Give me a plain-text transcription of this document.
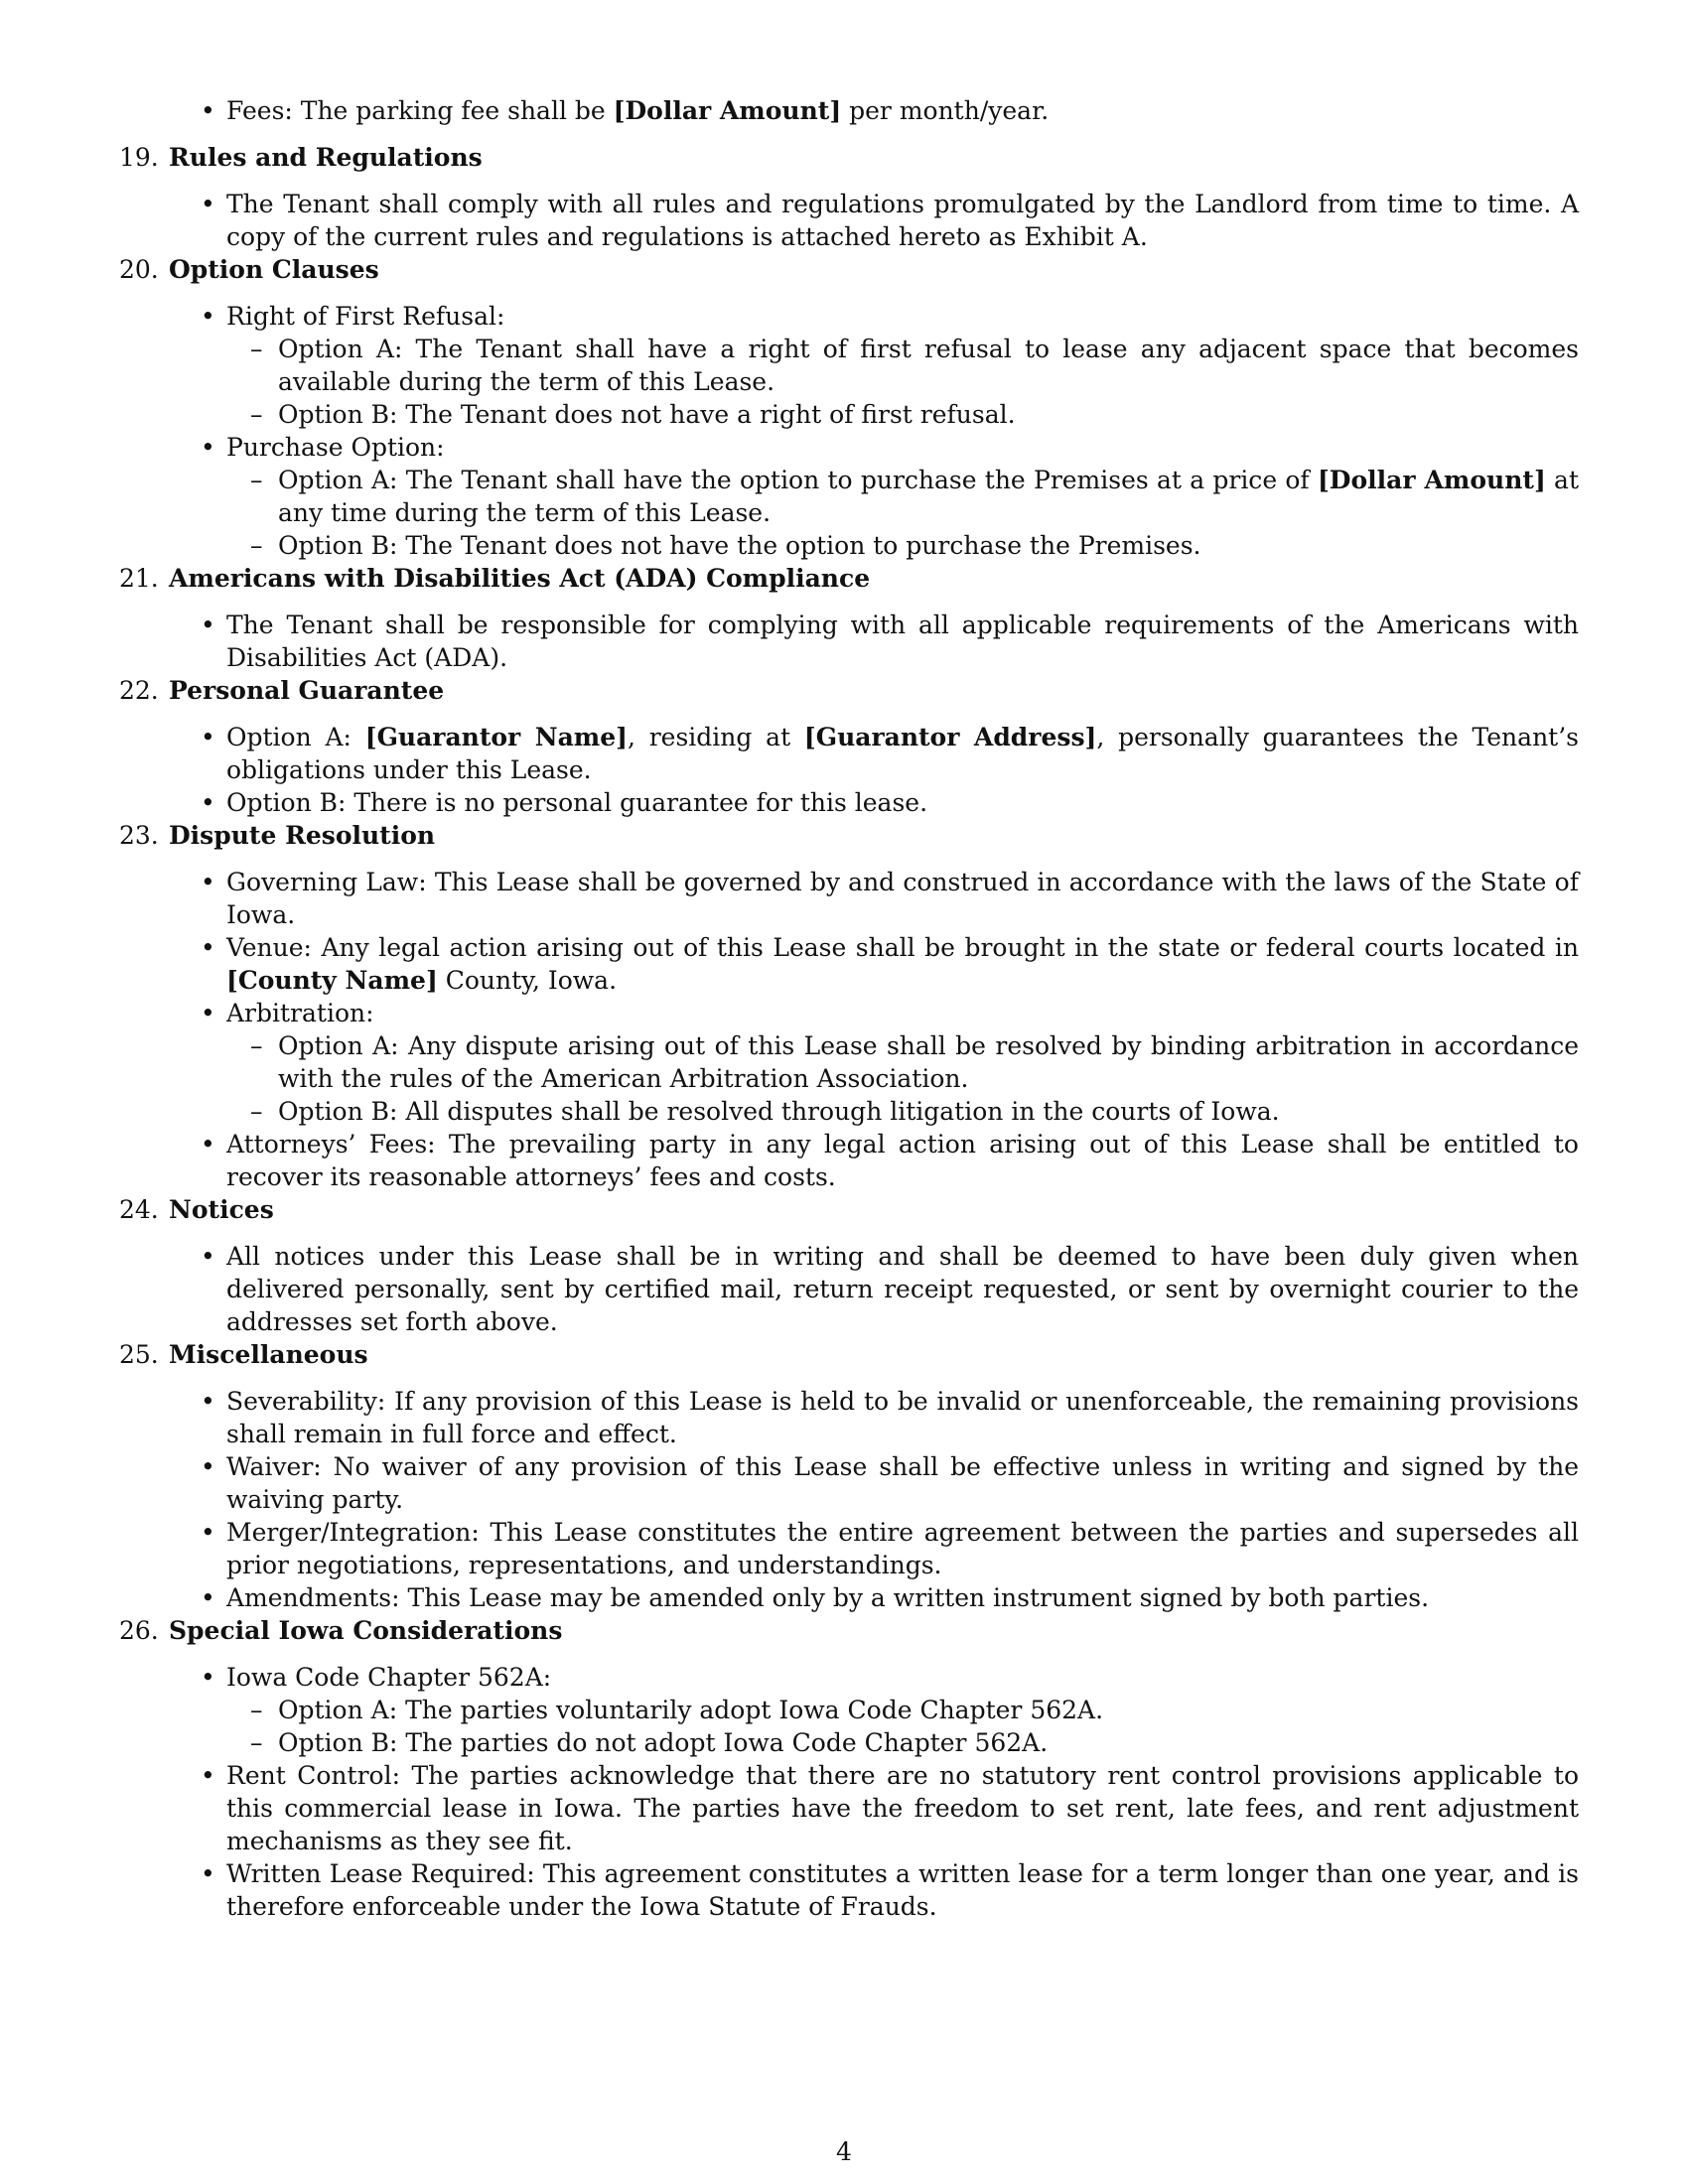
• Fees: The parking fee shall be [Dollar Amount] per month/year.
19. Rules and Regulations
• The Tenant shall comply with all rules and regulations promulgated by the Landlord from time to time. A copy of the current rules and regulations is attached hereto as Exhibit A.
20. Option Clauses
• Right of First Refusal:
– Option A: The Tenant shall have a right of first refusal to lease any adjacent space that becomes available during the term of this Lease.
– Option B: The Tenant does not have a right of first refusal.
• Purchase Option:
– Option A: The Tenant shall have the option to purchase the Premises at a price of [Dollar Amount] at any time during the term of this Lease.
– Option B: The Tenant does not have the option to purchase the Premises.
21. Americans with Disabilities Act (ADA) Compliance
• The Tenant shall be responsible for complying with all applicable requirements of the Americans with Disabilities Act (ADA).
22. Personal Guarantee
• Option A: [Guarantor Name], residing at [Guarantor Address], personally guarantees the Tenant’s obligations under this Lease.
• Option B: There is no personal guarantee for this lease.
23. Dispute Resolution
• Governing Law: This Lease shall be governed by and construed in accordance with the laws of the State of Iowa.
• Venue: Any legal action arising out of this Lease shall be brought in the state or federal courts located in [County Name] County, Iowa.
• Arbitration:
– Option A: Any dispute arising out of this Lease shall be resolved by binding arbitration in accordance with the rules of the American Arbitration Association.
– Option B: All disputes shall be resolved through litigation in the courts of Iowa.
• Attorneys’ Fees: The prevailing party in any legal action arising out of this Lease shall be entitled to recover its reasonable attorneys’ fees and costs.
24. Notices
• All notices under this Lease shall be in writing and shall be deemed to have been duly given when delivered personally, sent by certified mail, return receipt requested, or sent by overnight courier to the addresses set forth above.
25. Miscellaneous
• Severability: If any provision of this Lease is held to be invalid or unenforceable, the remaining provisions shall remain in full force and effect.
• Waiver: No waiver of any provision of this Lease shall be effective unless in writing and signed by the waiving party.
• Merger/Integration: This Lease constitutes the entire agreement between the parties and supersedes all prior negotiations, representations, and understandings.
• Amendments: This Lease may be amended only by a written instrument signed by both parties.
26. Special Iowa Considerations
• Iowa Code Chapter 562A:
– Option A: The parties voluntarily adopt Iowa Code Chapter 562A.
– Option B: The parties do not adopt Iowa Code Chapter 562A.
• Rent Control: The parties acknowledge that there are no statutory rent control provisions applicable to this commercial lease in Iowa. The parties have the freedom to set rent, late fees, and rent adjustment mechanisms as they see fit.
• Written Lease Required: This agreement constitutes a written lease for a term longer than one year, and is therefore enforceable under the Iowa Statute of Frauds.
4
